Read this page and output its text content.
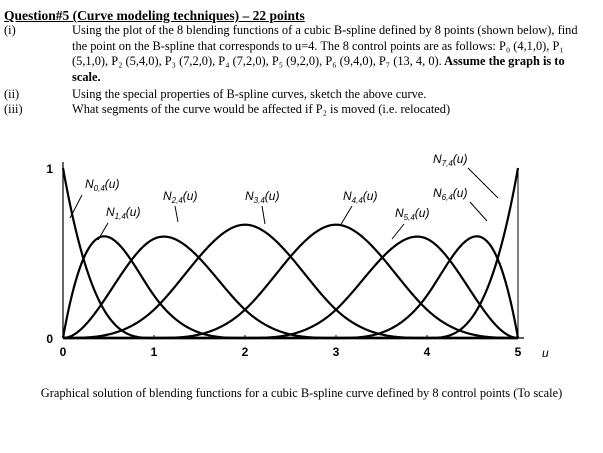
Question#5 (Curve modeling techniques) – 22 points
(i)	Using the plot of the 8 blending functions of a cubic B-spline defined by 8 points (shown below), find the point on the B-spline that corresponds to u=4. The 8 control points are as follows: P₀ (4,1,0), P₁ (5,1,0), P₂ (5,4,0), P₃ (7,2,0), P₄ (7,2,0), P₅ (9,2,0), P₆ (9,4,0), P₇ (13, 4, 0). Assume the graph is to scale.
(ii)	Using the special properties of B-spline curves, sketch the above curve.
(iii)	What segments of the curve would be affected if P₂ is moved (i.e. relocated)
0	1	2	3	4	5
0
1
u
$N_{0,4}(u)$
$N_{1,4}(u)$
$N_{2,4}(u)$	$N_{3,4}(u)$	$N_{4,4}(u)$
$N_{5,4}(u)$
$N_{6,4}(u)$
$N_{7,4}(u)$
Graphical solution of blending functions for a cubic B-spline curve defined by 8 control points (To scale)
